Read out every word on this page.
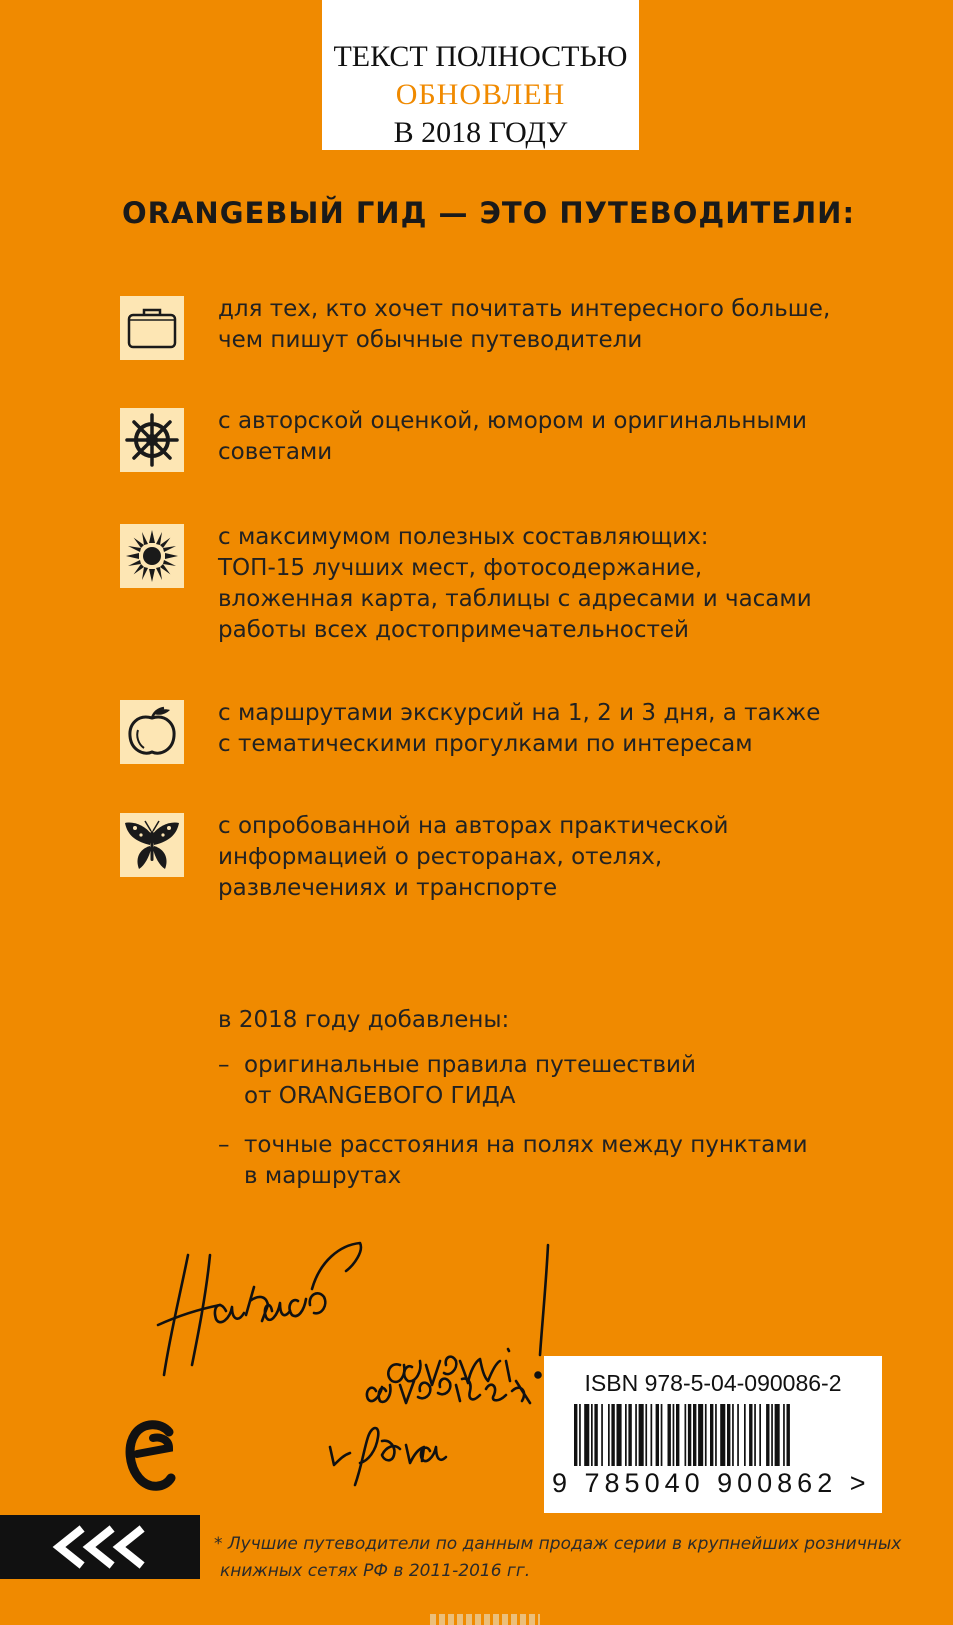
ТЕКСТ ПОЛНОСТЬЮ
ОБНОВЛЕН
В 2018 ГОДУ
ORANGEВЫЙ ГИД — ЭТО ПУТЕВОДИТЕЛИ:
для тех, кто хочет почитать интересного больше,
чем пишут обычные путеводители
с авторской оценкой, юмором и оригинальными
советами
с максимумом полезных составляющих:
ТОП-15 лучших мест, фотосодержание,
вложенная карта, таблицы с адресами и часами
работы всех достопримечательностей
с маршрутами экскурсий на 1, 2 и 3 дня, а также
с тематическими прогулками по интересам
с опробованной на авторах практической
информацией о ресторанах, отелях,
развлечениях и транспорте
в 2018 году добавлены:
– оригинальные правила путешествий
от ORANGEВОГО ГИДА
– точные расстояния на полях между пунктами
в маршрутах
ISBN 978-5-04-090086-2
9 785040 900862 >
* Лучшие путеводители по данным продаж серии в крупнейших розничных
книжных сетях РФ в 2011-2016 гг.
